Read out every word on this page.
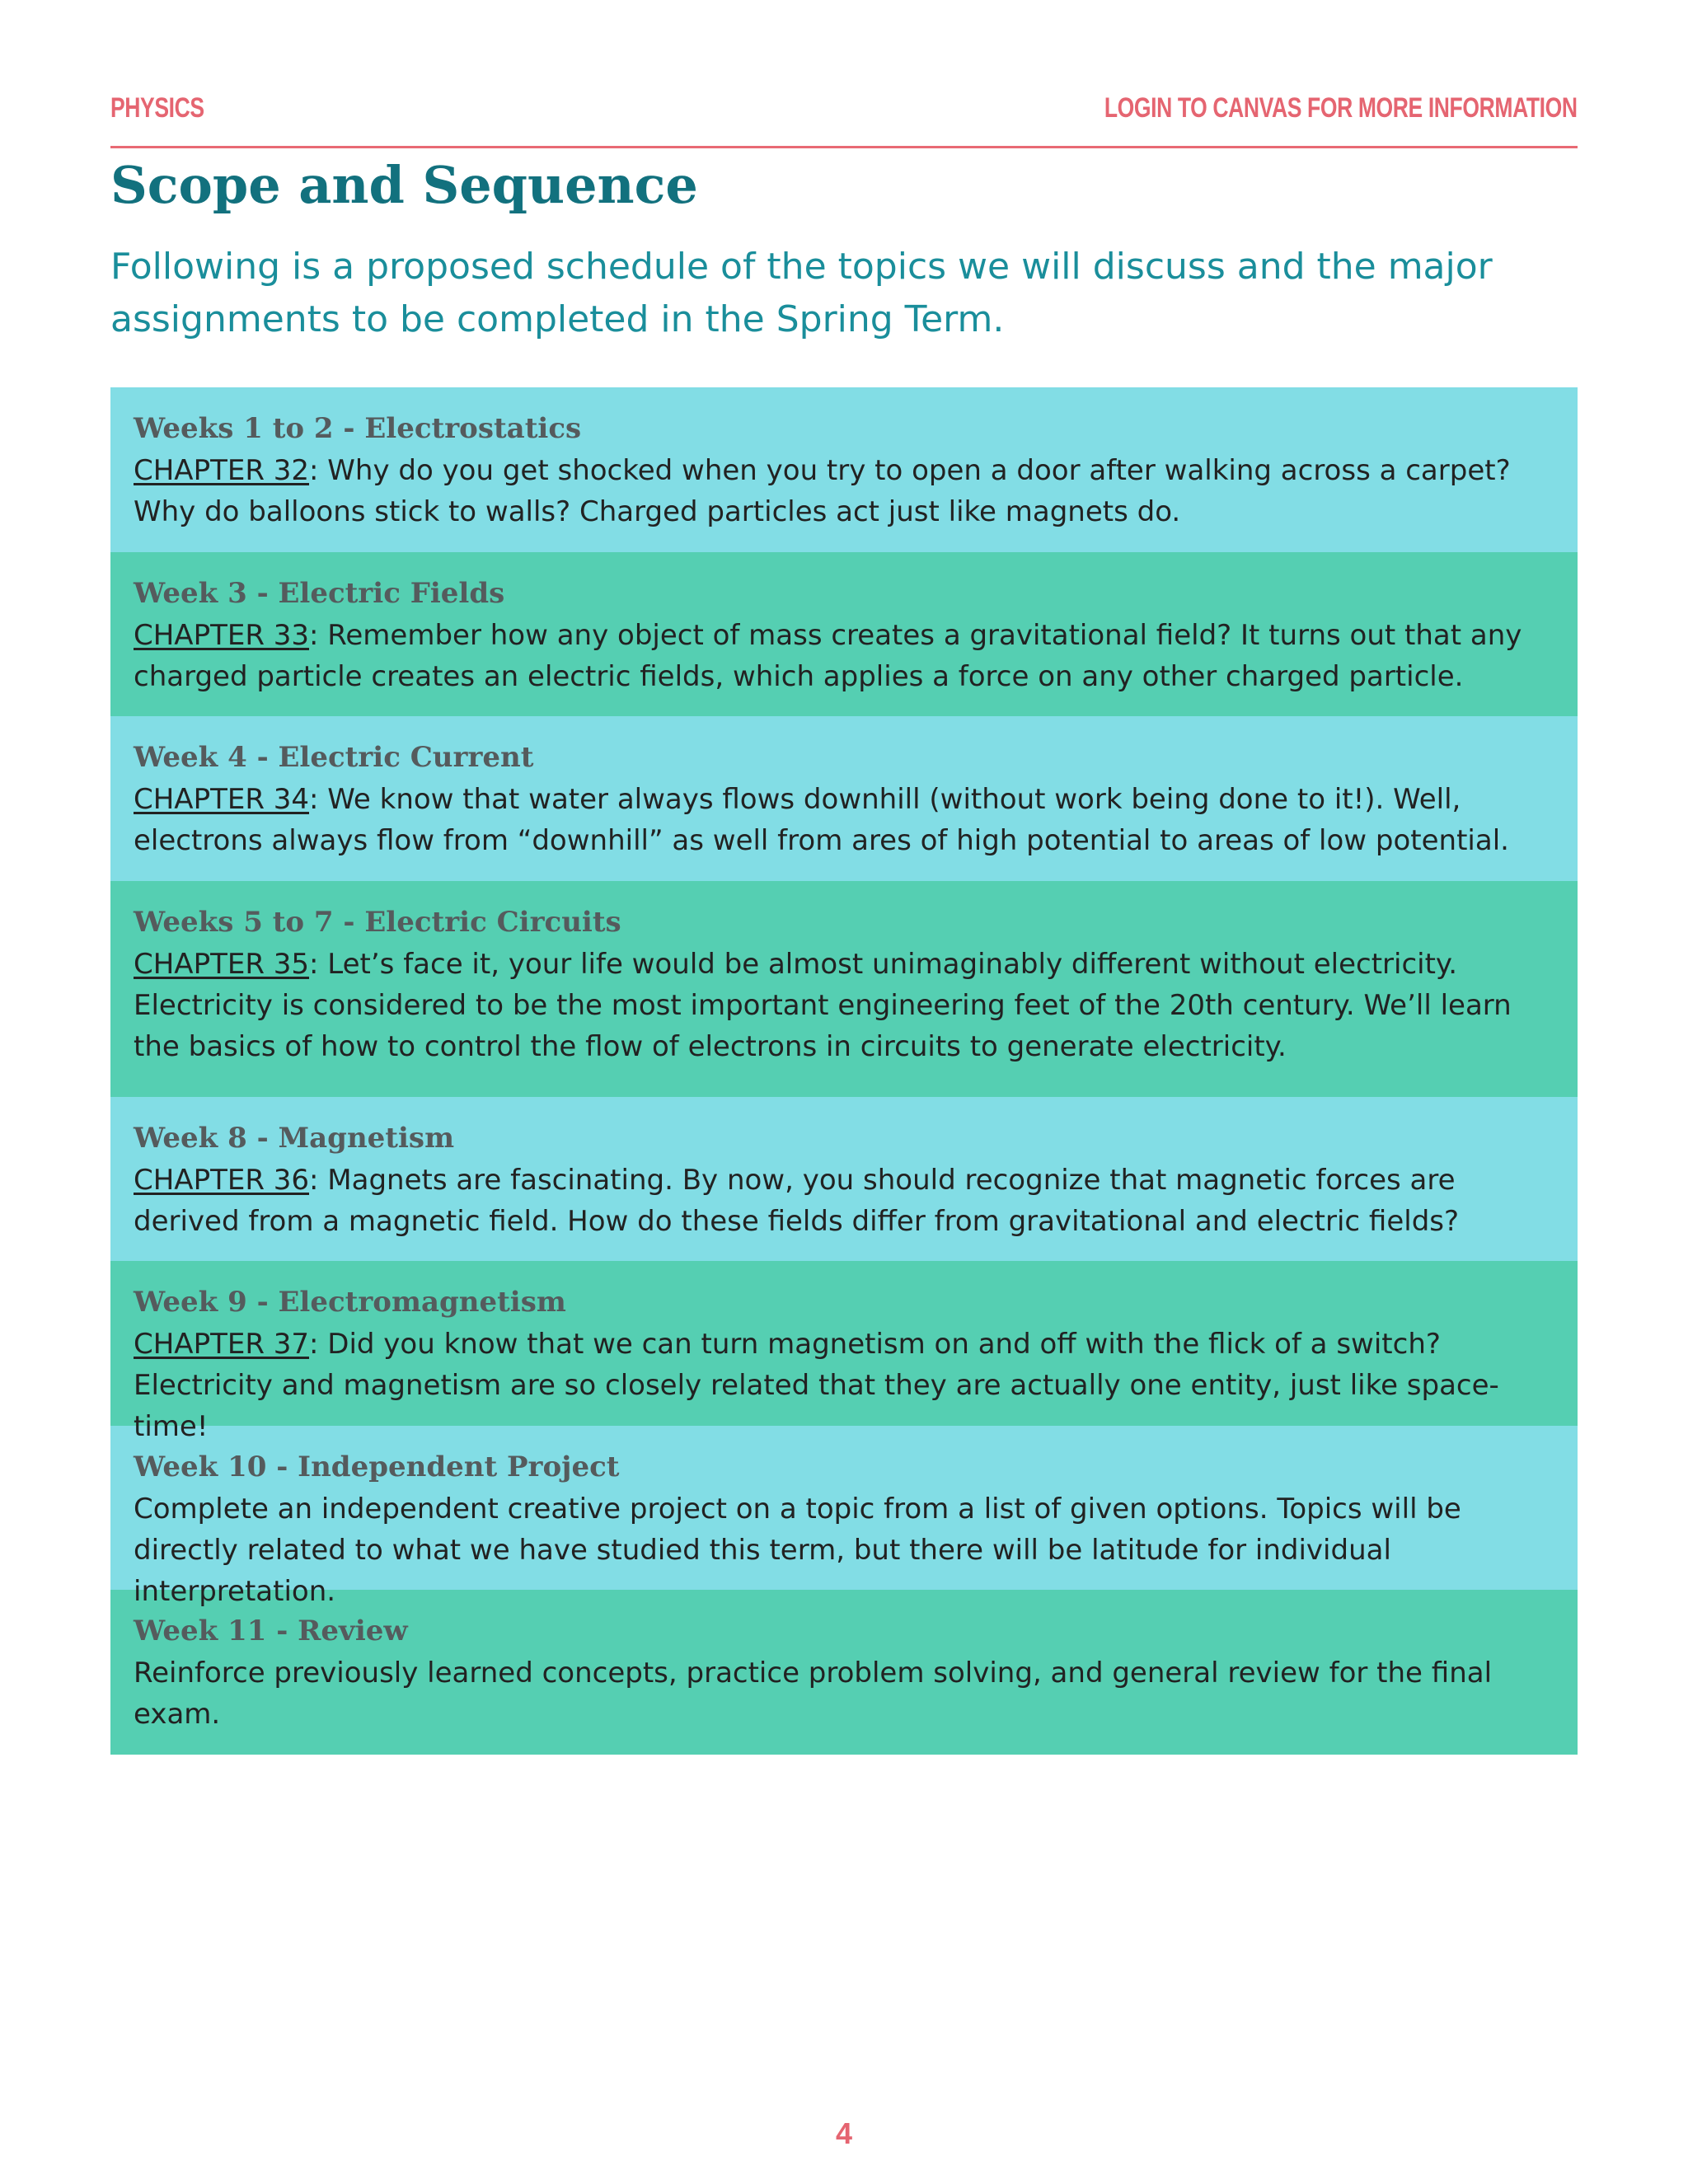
PHYSICS	LOGIN TO CANVAS FOR MORE INFORMATION
Scope and Sequence

Following is a proposed schedule of the topics we will discuss and the major assignments to be completed in the Spring Term.

Weeks 1 to 2 - Electrostatics

CHAPTER 32: Why do you get shocked when you try to open a door after walking across a carpet? Why do balloons stick to walls? Charged particles act just like magnets do.

Week 3 - Electric Fields

CHAPTER 33: Remember how any object of mass creates a gravitational field? It turns out that any charged particle creates an electric fields, which applies a force on any other charged particle.

Week 4 - Electric Current

CHAPTER 34: We know that water always flows downhill (without work being done to it!). Well, electrons always flow from “downhill” as well from ares of high potential to areas of low potential.

Weeks 5 to 7 - Electric Circuits

CHAPTER 35: Let’s face it, your life would be almost unimaginably different without electricity. Electricity is considered to be the most important engineering feet of the 20th century. We’ll learn the basics of how to control the flow of electrons in circuits to generate electricity.

Week 8 - Magnetism

CHAPTER 36: Magnets are fascinating. By now, you should recognize that magnetic forces are derived from a magnetic field. How do these fields differ from gravitational and electric fields?

Week 9 - Electromagnetism

CHAPTER 37: Did you know that we can turn magnetism on and off with the flick of a switch? Electricity and magnetism are so closely related that they are actually one entity, just like space-time!

Week 10 - Independent Project

Complete an independent creative project on a topic from a list of given options. Topics will be directly related to what we have studied this term, but there will be latitude for individual interpretation.

Week 11 - Review

Reinforce previously learned concepts, practice problem solving, and general review for the final exam.

4
